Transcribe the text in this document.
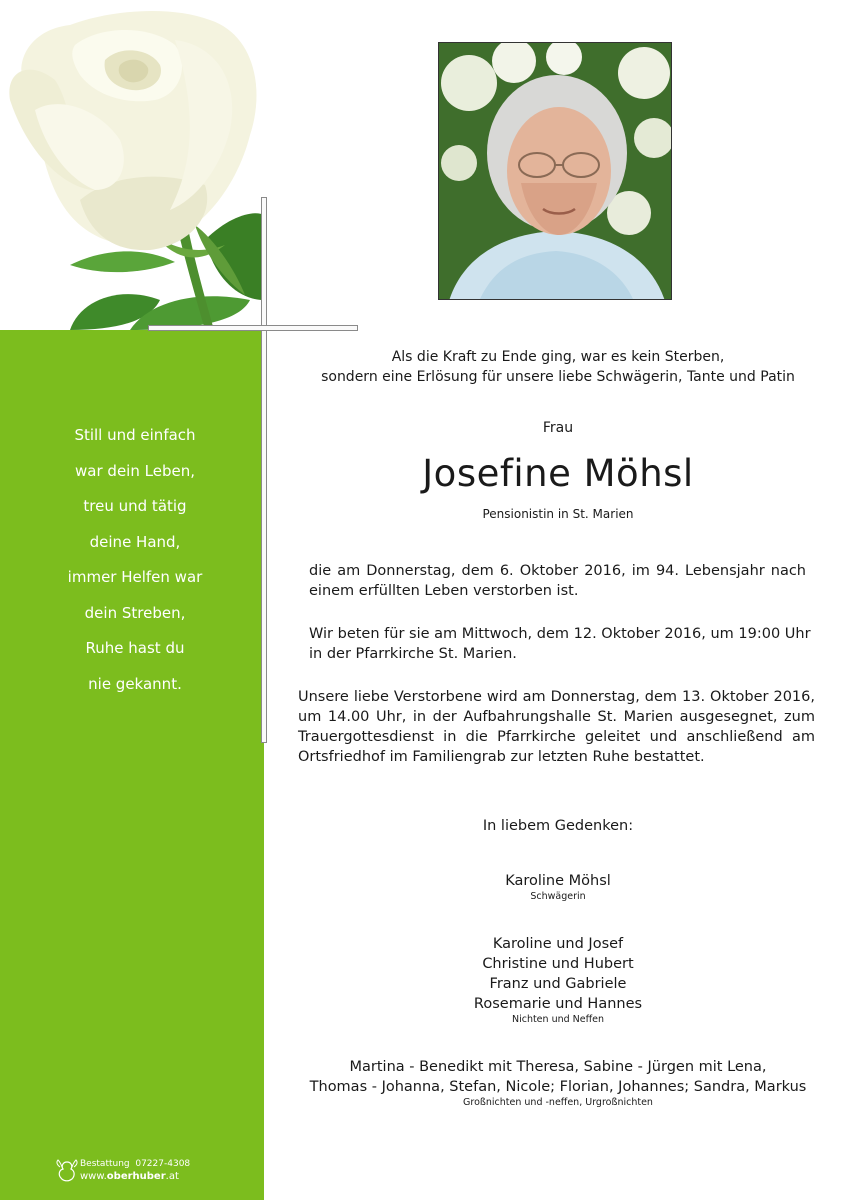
Still und einfach
war dein Leben,
treu und tätig
deine Hand,
immer Helfen war
dein Streben,
Ruhe hast du
nie gekannt.
Bestattung 07227-4308
www.oberhuber.at
Als die Kraft zu Ende ging, war es kein Sterben,
sondern eine Erlösung für unsere liebe Schwägerin, Tante und Patin
Frau
Josefine Möhsl
Pensionistin in St. Marien
die am Donnerstag, dem 6. Oktober 2016, im 94. Lebensjahr nach
einem erfüllten Leben verstorben ist.
Wir beten für sie am Mittwoch, dem 12. Oktober 2016, um 19:00 Uhr
in der Pfarrkirche St. Marien.
Unsere liebe Verstorbene wird am Donnerstag, dem 13. Oktober 2016,
um 14.00 Uhr, in der Aufbahrungshalle St. Marien ausgesegnet, zum
Trauergottesdienst in die Pfarrkirche geleitet und anschließend am
Ortsfriedhof im Familiengrab zur letzten Ruhe bestattet.
In liebem Gedenken:
Karoline Möhsl
Schwägerin
Karoline und Josef
Christine und Hubert
Franz und Gabriele
Rosemarie und Hannes
Nichten und Neffen
Martina - Benedikt mit Theresa, Sabine - Jürgen mit Lena,
Thomas - Johanna, Stefan, Nicole; Florian, Johannes; Sandra, Markus
Großnichten und -neffen, Urgroßnichten
